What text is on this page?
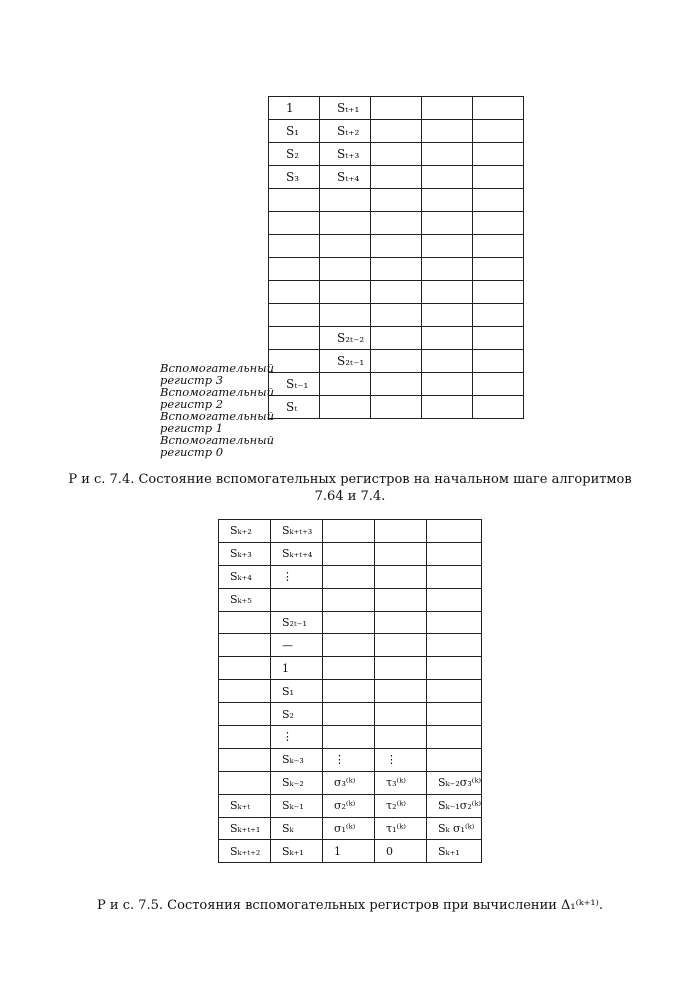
1	Sₜ₊₁			
S₁	Sₜ₊₂			
S₂	Sₜ₊₃			
S₃	Sₜ₊₄			

	S₂ₜ₋₂			
	S₂ₜ₋₁			
Sₜ₋₁				
Sₜ				
Вспомогательный регистр 3
Вспомогательный регистр 2
Вспомогательный регистр 1
Вспомогательный регистр 0
Р и с. 7.4. Состояние вспомогательных регистров на начальном шаге алгоритмов 7.64 и 7.4.
Sₖ₊₂	Sₖ₊ₜ₊₃			
Sₖ₊₃	Sₖ₊ₜ₊₄			
Sₖ₊₄	⋮			
Sₖ₊₅				
	S₂ₜ₋₁			
	—			
	1			
	S₁			
	S₂			
	⋮			
	Sₖ₋₃	⋮	⋮	
	Sₖ₋₂	σ₃⁽ᵏ⁾	τ₃⁽ᵏ⁾	Sₖ₋₂σ₃⁽ᵏ⁾
Sₖ₊ₜ	Sₖ₋₁	σ₂⁽ᵏ⁾	τ₂⁽ᵏ⁾	Sₖ₋₁σ₂⁽ᵏ⁾
Sₖ₊ₜ₊₁	Sₖ	σ₁⁽ᵏ⁾	τ₁⁽ᵏ⁾	Sₖ σ₁⁽ᵏ⁾
Sₖ₊ₜ₊₂	Sₖ₊₁	1	0	Sₖ₊₁
Р и с. 7.5. Состояния вспомогательных регистров при вычислении Δ₁⁽ᵏ⁺¹⁾.
